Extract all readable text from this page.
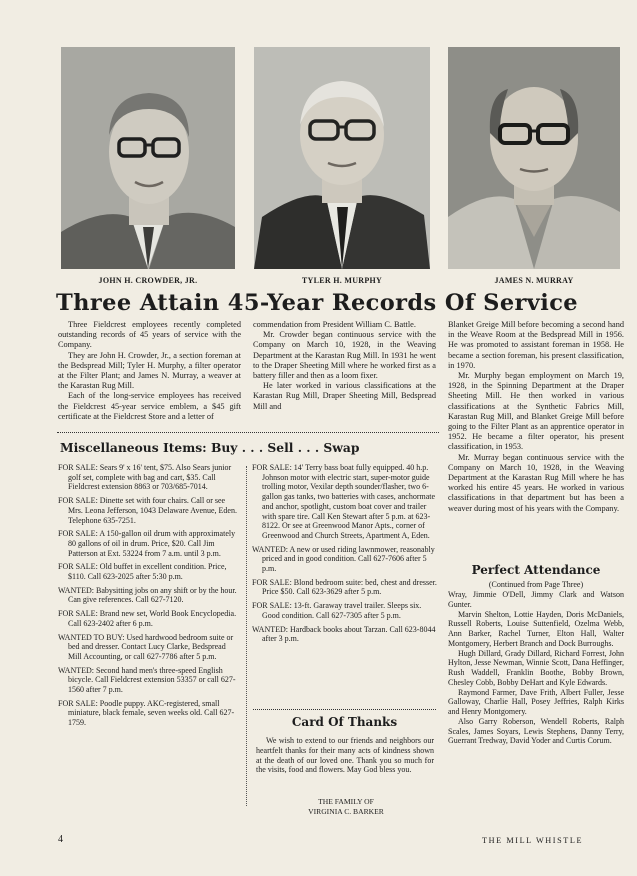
JOHN H. CROWDER, JR.	TYLER H. MURPHY	JAMES N. MURRAY
Three Attain 45-Year Records Of Service

Three Fieldcrest employees recently completed outstanding records of 45 years of service with the Company.

They are John H. Crowder, Jr., a section foreman at the Bedspread Mill; Tyler H. Murphy, a filter operator at the Filter Plant; and James N. Murray, a weaver at the Karastan Rug Mill.

Each of the long-service employees has received the Fieldcrest 45-year service emblem, a $45 gift certificate at the Fieldcrest Store and a letter of

commendation from President William C. Battle.

Mr. Crowder began continuous service with the Company on March 10, 1928, in the Weaving Department at the Karastan Rug Mill. In 1931 he went to the Draper Sheeting Mill where he worked first as a battery filler and then as a loom fixer.

He later worked in various classifications at the Karastan Rug Mill, Draper Sheeting Mill, Bedspread Mill and

Blanket Greige Mill before becoming a second hand in the Weave Room at the Bedspread Mill in 1956. He was promoted to assistant foreman in 1958. He became a section foreman, his present classification, in 1970.

Mr. Murphy began employment on March 19, 1928, in the Spinning Department at the Draper Sheeting Mill. He then worked in various classifications at the Synthetic Fabrics Mill, Karastan Rug Mill, and Blanket Greige Mill before going to the Filter Plant as an apprentice operator in 1952. He became a filter operator, his present classification, in 1953.

Mr. Murray began continuous service with the Company on March 10, 1928, in the Weaving Department at the Karastan Rug Mill where he has worked his entire 45 years. He worked in various classifications in that department but has been a weaver during most of his years with the Company.

Miscellaneous Items: Buy . . . Sell . . . Swap

FOR SALE: Sears 9' x 16' tent, $75. Also Sears junior golf set, complete with bag and cart, $35. Call Fieldcrest extension 8863 or 703/685-7014.

FOR SALE: Dinette set with four chairs. Call or see Mrs. Leona Jefferson, 1043 Delaware Avenue, Eden. Telephone 635-7251.

FOR SALE: A 150-gallon oil drum with approximately 80 gallons of oil in drum. Price, $20. Call Jim Patterson at Ext. 53224 from 7 a.m. until 3 p.m.

FOR SALE: Old buffet in excellent condition. Price, $110. Call 623-2025 after 5:30 p.m.

WANTED: Babysitting jobs on any shift or by the hour. Can give references. Call 627-7120.

FOR SALE: Brand new set, World Book Encyclopedia. Call 623-2402 after 6 p.m.

WANTED TO BUY: Used hardwood bedroom suite or bed and dresser. Contact Lucy Clarke, Bedspread Mill Accounting, or call 627-7786 after 5 p.m.

WANTED: Second hand men's three-speed English bicycle. Call Fieldcrest extension 53357 or call 627-1560 after 7 p.m.

FOR SALE: Poodle puppy. AKC-registered, small miniature, black female, seven weeks old. Call 627-1759.

FOR SALE: 14' Terry bass boat fully equipped. 40 h.p. Johnson motor with electric start, super-motor guide trolling motor, Vexilar depth sounder/flasher, two 6-gallon gas tanks, two batteries with cases, anchormate and anchor, spotlight, custom boat cover and trailer with spare tire. Call Ken Stewart after 5 p.m. at 623-8122. Or see at Greenwood Manor Apts., corner of Greenwood and Church Streets, Apartment A, Eden.

WANTED: A new or used riding lawnmower, reasonably priced and in good condition. Call 627-7606 after 5 p.m.

FOR SALE: Blond bedroom suite: bed, chest and dresser. Price $50. Call 623-3629 after 5 p.m.

FOR SALE: 13-ft. Garaway travel trailer. Sleeps six. Good condition. Call 627-7305 after 5 p.m.

WANTED: Hardback books about Tarzan. Call 623-8044 after 3 p.m.

Card Of Thanks
We wish to extend to our friends and neighbors our heartfelt thanks for their many acts of kindness shown at the death of our loved one. Thank you so much for the visits, food and flowers. May God bless you.
THE FAMILY OF
VIRGINIA C. BARKER
Perfect Attendance
(Continued from Page Three)

Wray, Jimmie O'Dell, Jimmy Clark and Watson Gunter.

Marvin Shelton, Lottie Hayden, Doris McDaniels, Russell Roberts, Louise Suttenfield, Ozelma Webb, Ann Barker, Rachel Turner, Elton Hall, Walter Montgomery, Herbert Branch and Dock Burroughs.

Hugh Dillard, Grady Dillard, Richard Forrest, John Hylton, Jesse Newman, Winnie Scott, Dana Heffinger, Rush Waddell, Franklin Boothe, Bobby Brown, Chesley Cobb, Bobby DeHart and Kyle Edwards.

Raymond Farmer, Dave Frith, Albert Fuller, Jesse Galloway, Charlie Hall, Posey Jeffries, Ralph Kirks and Henry Montgomery.

Also Garry Roberson, Wendell Roberts, Ralph Scales, James Soyars, Lewis Stephens, Danny Terry, Guerrant Tredway, David Yoder and Curtis Corum.

4	THE MILL WHISTLE
